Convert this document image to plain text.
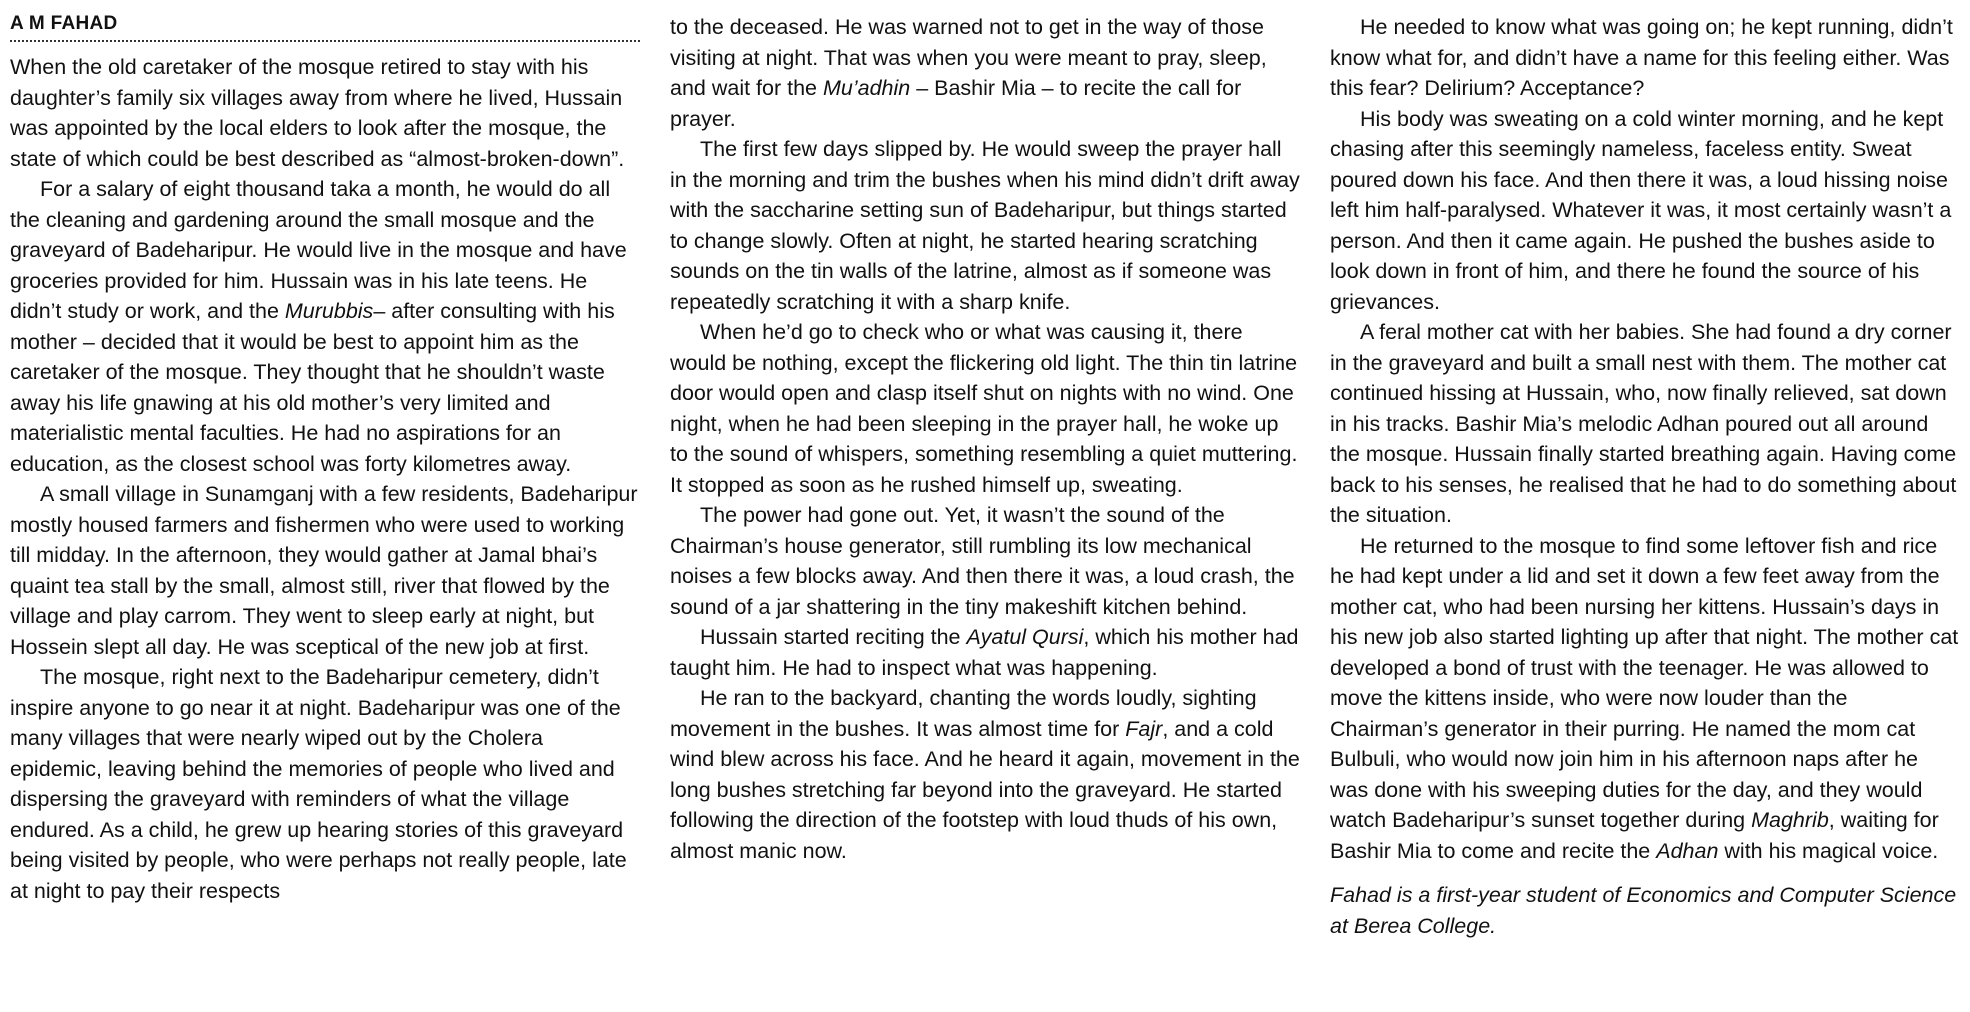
A M FAHAD

When the old caretaker of the mosque retired to stay with his daughter’s family six villages away from where he lived, Hussain was appointed by the local elders to look after the mosque, the state of which could be best described as “almost-broken-down”.

For a salary of eight thousand taka a month, he would do all the cleaning and gardening around the small mosque and the graveyard of Badeharipur. He would live in the mosque and have groceries provided for him. Hussain was in his late teens. He didn’t study or work, and the Murubbis– after consulting with his mother – decided that it would be best to appoint him as the caretaker of the mosque. They thought that he shouldn’t waste away his life gnawing at his old mother’s very limited and materialistic mental faculties. He had no aspirations for an education, as the closest school was forty kilometres away.

A small village in Sunamganj with a few residents, Badeharipur mostly housed farmers and fishermen who were used to working till midday. In the afternoon, they would gather at Jamal bhai’s quaint tea stall by the small, almost still, river that flowed by the village and play carrom. They went to sleep early at night, but Hossein slept all day. He was sceptical of the new job at first.

The mosque, right next to the Badeharipur cemetery, didn’t inspire anyone to go near it at night. Badeharipur was one of the many villages that were nearly wiped out by the Cholera epidemic, leaving behind the memories of people who lived and dispersing the graveyard with reminders of what the village endured. As a child, he grew up hearing stories of this graveyard being visited by people, who were perhaps not really people, late at night to pay their respects

to the deceased. He was warned not to get in the way of those visiting at night. That was when you were meant to pray, sleep, and wait for the Mu’adhin – Bashir Mia – to recite the call for prayer.

The first few days slipped by. He would sweep the prayer hall in the morning and trim the bushes when his mind didn’t drift away with the saccharine setting sun of Badeharipur, but things started to change slowly. Often at night, he started hearing scratching sounds on the tin walls of the latrine, almost as if someone was repeatedly scratching it with a sharp knife.

When he’d go to check who or what was causing it, there would be nothing, except the flickering old light. The thin tin latrine door would open and clasp itself shut on nights with no wind. One night, when he had been sleeping in the prayer hall, he woke up to the sound of whispers, something resembling a quiet muttering. It stopped as soon as he rushed himself up, sweating.

The power had gone out. Yet, it wasn’t the sound of the Chairman’s house generator, still rumbling its low mechanical noises a few blocks away. And then there it was, a loud crash, the sound of a jar shattering in the tiny makeshift kitchen behind.

Hussain started reciting the Ayatul Qursi, which his mother had taught him. He had to inspect what was happening.

He ran to the backyard, chanting the words loudly, sighting movement in the bushes. It was almost time for Fajr, and a cold wind blew across his face. And he heard it again, movement in the long bushes stretching far beyond into the graveyard. He started following the direction of the footstep with loud thuds of his own, almost manic now.

He needed to know what was going on; he kept running, didn’t know what for, and didn’t have a name for this feeling either. Was this fear? Delirium? Acceptance?

His body was sweating on a cold winter morning, and he kept chasing after this seemingly nameless, faceless entity. Sweat poured down his face. And then there it was, a loud hissing noise left him half-paralysed. Whatever it was, it most certainly wasn’t a person. And then it came again. He pushed the bushes aside to look down in front of him, and there he found the source of his grievances.

A feral mother cat with her babies. She had found a dry corner in the graveyard and built a small nest with them. The mother cat continued hissing at Hussain, who, now finally relieved, sat down in his tracks. Bashir Mia’s melodic Adhan poured out all around the mosque. Hussain finally started breathing again. Having come back to his senses, he realised that he had to do something about the situation.

He returned to the mosque to find some leftover fish and rice he had kept under a lid and set it down a few feet away from the mother cat, who had been nursing her kittens. Hussain’s days in his new job also started lighting up after that night. The mother cat developed a bond of trust with the teenager. He was allowed to move the kittens inside, who were now louder than the Chairman’s generator in their purring. He named the mom cat Bulbuli, who would now join him in his afternoon naps after he was done with his sweeping duties for the day, and they would watch Badeharipur’s sunset together during Maghrib, waiting for Bashir Mia to come and recite the Adhan with his magical voice.

Fahad is a first-year student of Economics and Computer Science at Berea College.
